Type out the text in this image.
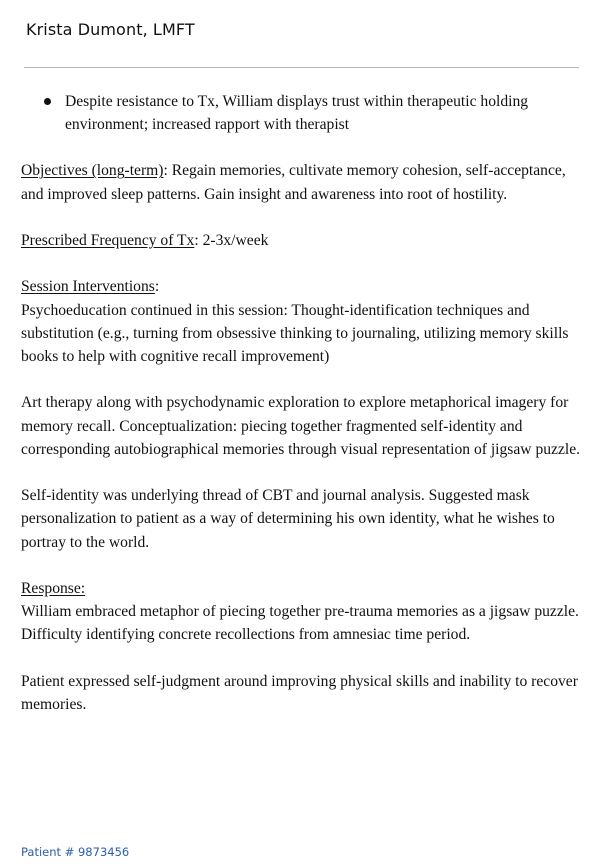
Krista Dumont, LMFT
Despite resistance to Tx, William displays trust within therapeutic holding environment; increased rapport with therapist

Objectives (long-term): Regain memories, cultivate memory cohesion, self-acceptance, and improved sleep patterns. Gain insight and awareness into root of hostility.

Prescribed Frequency of Tx: 2-3x/week

Session Interventions:
Psychoeducation continued in this session: Thought-identification techniques and substitution (e.g., turning from obsessive thinking to journaling, utilizing memory skills books to help with cognitive recall improvement)

Art therapy along with psychodynamic exploration to explore metaphorical imagery for memory recall. Conceptualization: piecing together fragmented self-identity and corresponding autobiographical memories through visual representation of jigsaw puzzle.

Self-identity was underlying thread of CBT and journal analysis. Suggested mask personalization to patient as a way of determining his own identity, what he wishes to portray to the world.

Response:
William embraced metaphor of piecing together pre-trauma memories as a jigsaw puzzle. Difficulty identifying concrete recollections from amnesiac time period.

Patient expressed self-judgment around improving physical skills and inability to recover memories.

Patient # 9873456
